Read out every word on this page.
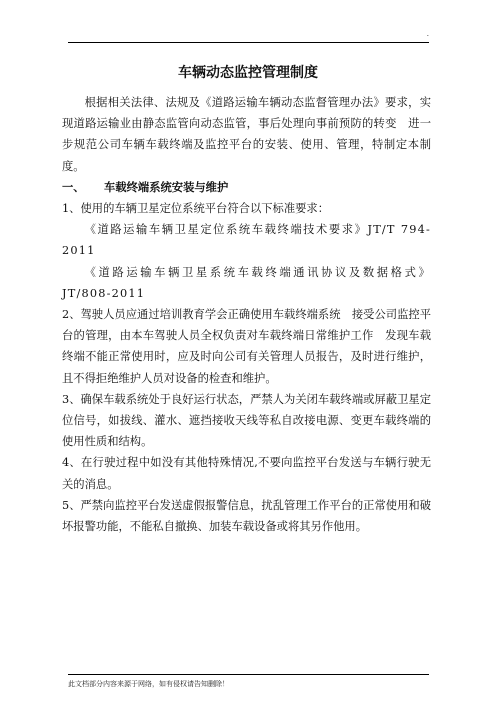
.
车辆动态监控管理制度

根据相关法律、法规及《道路运输车辆动态监督管理办法》要求，实现道路运输业由静态监管向动态监管，事后处理向事前预防的转变　进一步规范公司车辆车载终端及监控平台的安装、使用、管理，特制定本制度。

一、 车载终端系统安装与维护

1、使用的车辆卫星定位系统平台符合以下标准要求：

《道路运输车辆卫星定位系统车载终端技术要求》JT/T 794-2011

《道路运输车辆卫星系统车载终端通讯协议及数据格式》JT/808-2011

2、驾驶人员应通过培训教育学会正确使用车载终端系统　接受公司监控平台的管理，由本车驾驶人员全权负责对车载终端日常维护工作　发现车载终端不能正常使用时，应及时向公司有关管理人员报告，及时进行维护，且不得拒绝维护人员对设备的检查和维护。

3、确保车载系统处于良好运行状态，严禁人为关闭车载终端或屏蔽卫星定位信号，如拔线、灌水、遮挡接收天线等私自改接电源、变更车载终端的使用性质和结构。

4、在行驶过程中如没有其他特殊情况,不要向监控平台发送与车辆行驶无关的消息。

5、严禁向监控平台发送虚假报警信息，扰乱管理工作平台的正常使用和破坏报警功能，不能私自撤换、加装车载设备或将其另作他用。

此文档部分内容来源于网络，如有侵权请告知删除！
